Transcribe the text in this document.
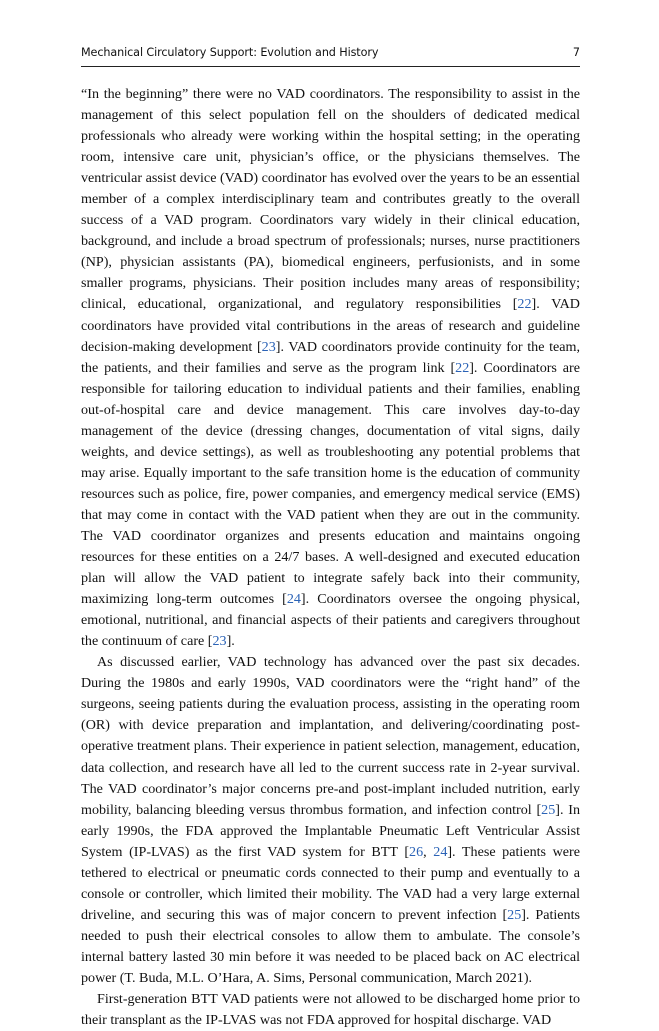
Mechanical Circulatory Support: Evolution and History	7

“In the beginning” there were no VAD coordinators. The responsibility to assist in the management of this select population fell on the shoulders of dedicated medical professionals who already were working within the hospital setting; in the operating room, intensive care unit, physician’s office, or the physicians themselves. The ventricular assist device (VAD) coordinator has evolved over the years to be an essential member of a complex interdisciplinary team and contributes greatly to the overall success of a VAD program. Coordinators vary widely in their clinical education, background, and include a broad spectrum of professionals; nurses, nurse practitioners (NP), physician assistants (PA), biomedical engineers, perfusionists, and in some smaller programs, physicians. Their position includes many areas of responsibility; clinical, educational, organizational, and regulatory responsibilities [22]. VAD coordinators have provided vital contributions in the areas of research and guideline decision-making development [23]. VAD coordinators provide continuity for the team, the patients, and their families and serve as the program link [22]. Coordinators are responsible for tailoring education to individual patients and their families, enabling out-of-hospital care and device management. This care involves day-to-day management of the device (dressing changes, documentation of vital signs, daily weights, and device settings), as well as troubleshooting any potential problems that may arise. Equally important to the safe transition home is the education of community resources such as police, fire, power companies, and emergency medical service (EMS) that may come in contact with the VAD patient when they are out in the community. The VAD coordinator organizes and presents education and maintains ongoing resources for these entities on a 24/7 bases. A well-designed and executed education plan will allow the VAD patient to integrate safely back into their community, maximizing long-term outcomes [24]. Coordinators oversee the ongoing physical, emotional, nutritional, and financial aspects of their patients and caregivers throughout the continuum of care [23].

As discussed earlier, VAD technology has advanced over the past six decades. During the 1980s and early 1990s, VAD coordinators were the “right hand” of the surgeons, seeing patients during the evaluation process, assisting in the operating room (OR) with device preparation and implantation, and delivering/coordinating post-operative treatment plans. Their experience in patient selection, management, education, data collection, and research have all led to the current success rate in 2-year survival. The VAD coordinator’s major concerns pre-and post-implant included nutrition, early mobility, balancing bleeding versus thrombus formation, and infection control [25]. In early 1990s, the FDA approved the Implantable Pneumatic Left Ventricular Assist System (IP-LVAS) as the first VAD system for BTT [26, 24]. These patients were tethered to electrical or pneumatic cords connected to their pump and eventually to a console or controller, which limited their mobility. The VAD had a very large external driveline, and securing this was of major concern to prevent infection [25]. Patients needed to push their electrical consoles to allow them to ambulate. The console’s internal battery lasted 30 min before it was needed to be placed back on AC electrical power (T. Buda, M.L. O’Hara, A. Sims, Personal communication, March 2021).

First-generation BTT VAD patients were not allowed to be discharged home prior to their transplant as the IP-LVAS was not FDA approved for hospital discharge. VAD
